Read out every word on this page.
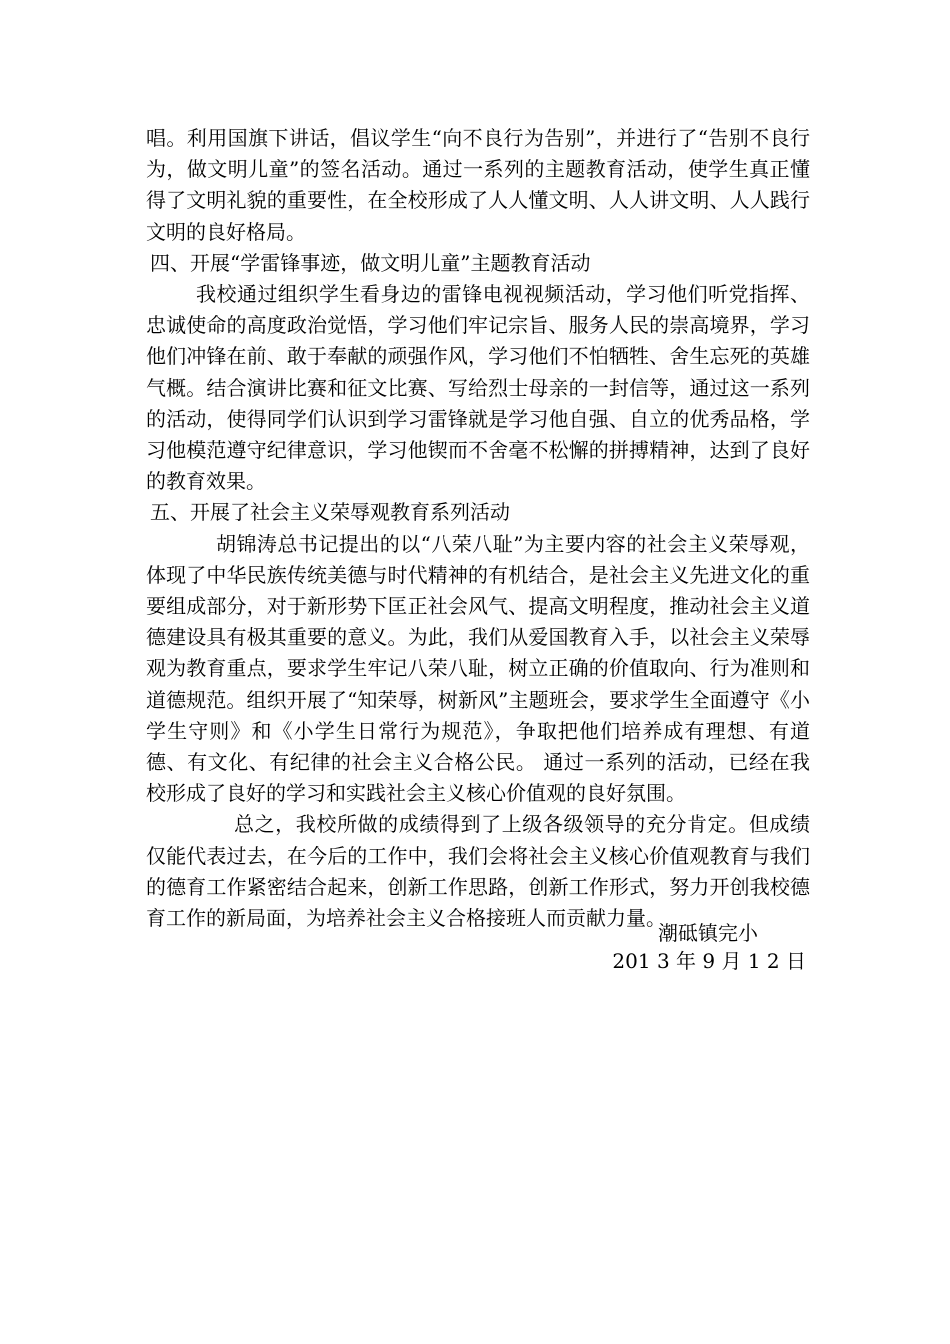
唱。利用国旗下讲话，倡议学生“向不良行为告别”，并进行了“告别不良行为，做文明儿童”的签名活动。通过一系列的主题教育活动，使学生真正懂得了文明礼貌的重要性，在全校形成了人人懂文明、人人讲文明、人人践行文明的良好格局。

四、开展“学雷锋事迹，做文明儿童”主题教育活动

我校通过组织学生看身边的雷锋电视视频活动，学习他们听党指挥、忠诚使命的高度政治觉悟，学习他们牢记宗旨、服务人民的崇高境界，学习他们冲锋在前、敢于奉献的顽强作风，学习他们不怕牺牲、舍生忘死的英雄气概。结合演讲比赛和征文比赛、写给烈士母亲的一封信等，通过这一系列的活动，使得同学们认识到学习雷锋就是学习他自强、自立的优秀品格，学习他模范遵守纪律意识，学习他锲而不舍毫不松懈的拼搏精神，达到了良好的教育效果。

五、开展了社会主义荣辱观教育系列活动

胡锦涛总书记提出的以“八荣八耻”为主要内容的社会主义荣辱观，体现了中华民族传统美德与时代精神的有机结合，是社会主义先进文化的重要组成部分，对于新形势下匡正社会风气、提高文明程度，推动社会主义道德建设具有极其重要的意义。为此，我们从爱国教育入手，以社会主义荣辱观为教育重点，要求学生牢记八荣八耻，树立正确的价值取向、行为准则和道德规范。组织开展了“知荣辱，树新风”主题班会，要求学生全面遵守《小学生守则》和《小学生日常行为规范》，争取把他们培养成有理想、有道德、有文化、有纪律的社会主义合格公民。 通过一系列的活动，已经在我校形成了良好的学习和实践社会主义核心价值观的良好氛围。

总之，我校所做的成绩得到了上级各级领导的充分肯定。但成绩仅能代表过去，在今后的工作中，我们会将社会主义核心价值观教育与我们的德育工作紧密结合起来，创新工作思路，创新工作形式，努力开创我校德育工作的新局面，为培养社会主义合格接班人而贡献力量。

潮砥镇完小

201 3 年 9 月 1 2 日
